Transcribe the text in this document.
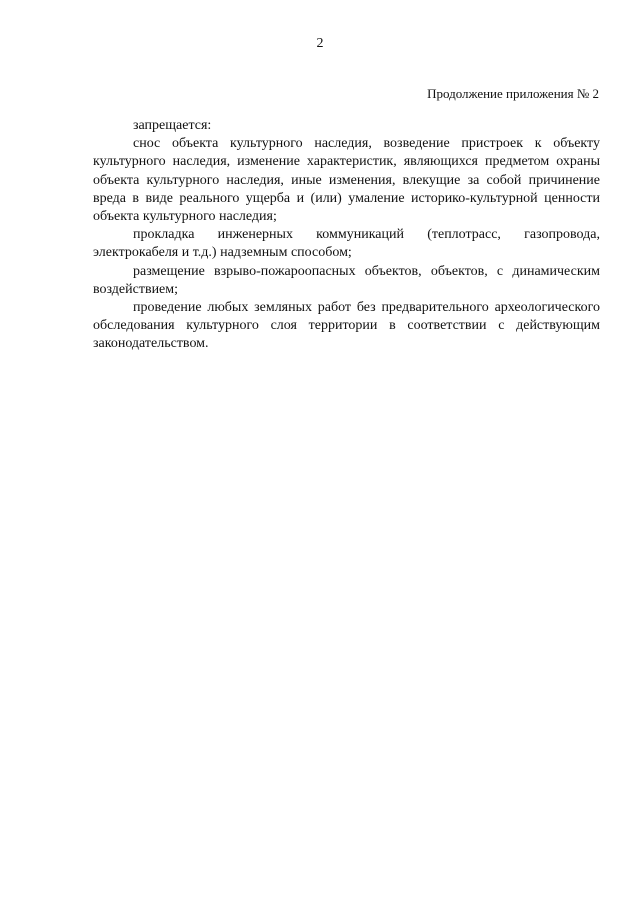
2
Продолжение приложения № 2

запрещается:

снос объекта культурного наследия, возведение пристроек к объекту культурного наследия, изменение характеристик, являющихся предметом охраны объекта культурного наследия, иные изменения, влекущие за собой причинение вреда в виде реального ущерба и (или) умаление историко-культурной ценности объекта культурного наследия;

прокладка инженерных коммуникаций (теплотрасс, газопровода, электрокабеля и т.д.) надземным способом;

размещение взрыво-пожароопасных объектов, объектов, с динамическим воздействием;

проведение любых земляных работ без предварительного археологического обследования культурного слоя территории в соответствии с действующим законодательством.
